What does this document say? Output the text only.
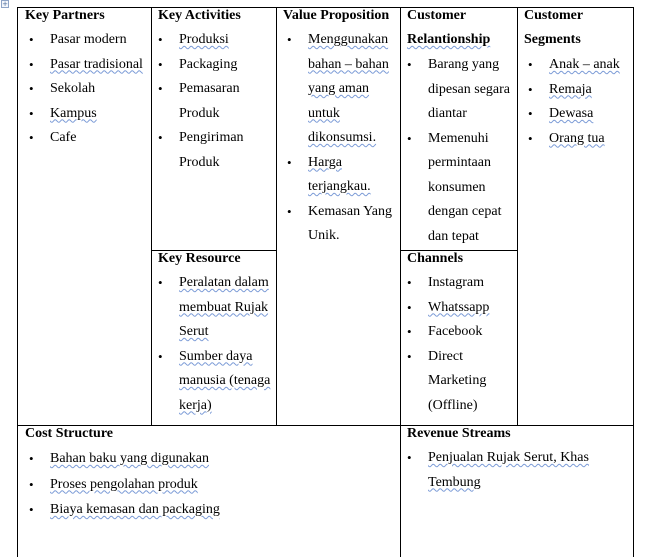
+
Key Partners
• Pasar modern
• Pasar tradisional
• Sekolah
• Kampus
• Cafe
Key Activities
• Produksi
• Packaging
• Pemasaran Produk
• Pengiriman Produk
Key Resource
• Peralatan dalam membuat Rujak Serut
• Sumber daya manusia (tenaga kerja)
Value Proposition
• Menggunakan bahan – bahan yang aman untuk dikonsumsi.
• Harga terjangkau.
• Kemasan Yang Unik.
Customer
Relantionship
• Barang yang dipesan segara diantar
• Memenuhi permintaan konsumen dengan cepat dan tepat
Channels
• Instagram
• Whatssapp
• Facebook
• Direct Marketing (Offline)
Customer
Segments
• Anak – anak
• Remaja
• Dewasa
• Orang tua
Cost Structure
• Bahan baku yang digunakan
• Proses pengolahan produk
• Biaya kemasan dan packaging
Revenue Streams
• Penjualan Rujak Serut, Khas Tembung
